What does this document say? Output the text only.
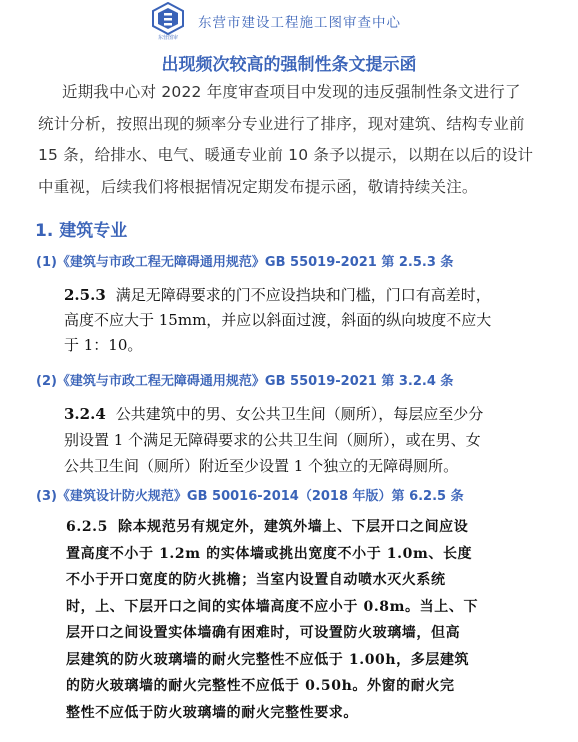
东营图审
东营市建设工程施工图审查中心
出现频次较高的强制性条文提示函
近期我中心对 2022 年度审查项目中发现的违反强制性条文进行了
统计分析，按照出现的频率分专业进行了排序，现对建筑、结构专业前
15 条，给排水、电气、暖通专业前 10 条予以提示，以期在以后的设计
中重视，后续我们将根据情况定期发布提示函，敬请持续关注。
1. 建筑专业
(1)《建筑与市政工程无障碍通用规范》GB 55019-2021 第 2.5.3 条
2.5.3 满足无障碍要求的门不应设挡块和门槛，门口有高差时，
高度不应大于 15mm，并应以斜面过渡，斜面的纵向坡度不应大
于 1：10。
(2)《建筑与市政工程无障碍通用规范》GB 55019-2021 第 3.2.4 条
3.2.4 公共建筑中的男、女公共卫生间（厕所），每层应至少分
别设置 1 个满足无障碍要求的公共卫生间（厕所），或在男、女
公共卫生间（厕所）附近至少设置 1 个独立的无障碍厕所。
(3)《建筑设计防火规范》GB 50016-2014（2018 年版）第 6.2.5 条
6.2.5 除本规范另有规定外，建筑外墙上、下层开口之间应设
置高度不小于 1.2m 的实体墙或挑出宽度不小于 1.0m、长度
不小于开口宽度的防火挑檐；当室内设置自动喷水灭火系统
时，上、下层开口之间的实体墙高度不应小于 0.8m。当上、下
层开口之间设置实体墙确有困难时，可设置防火玻璃墙，但高
层建筑的防火玻璃墙的耐火完整性不应低于 1.00h，多层建筑
的防火玻璃墙的耐火完整性不应低于 0.50h。外窗的耐火完
整性不应低于防火玻璃墙的耐火完整性要求。
